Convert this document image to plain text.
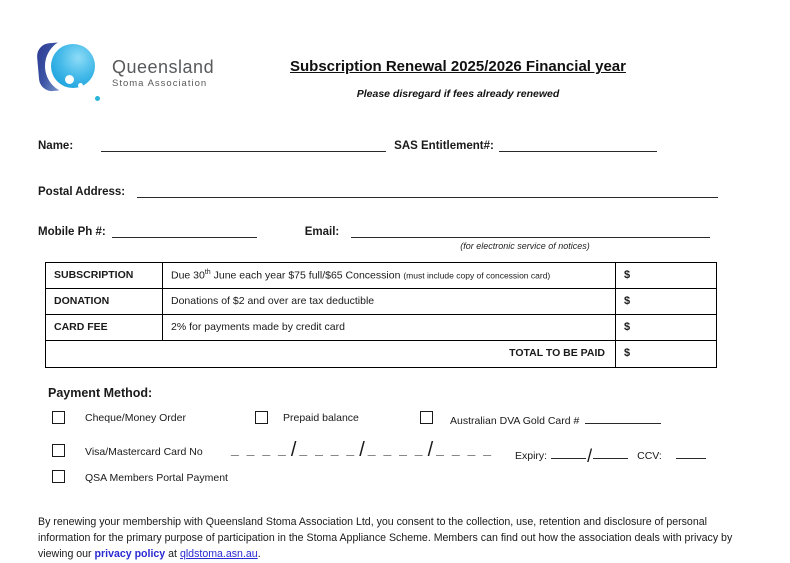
Queensland
Stoma Association
Subscription Renewal 2025/2026 Financial year
Please disregard if fees already renewed
Name:	SAS Entitlement#:
Postal Address:
Mobile Ph #:	Email:
(for electronic service of notices)
SUBSCRIPTION	Due 30th June each year $75 full/$65 Concession (must include copy of concession card)	$
DONATION	Donations of $2 and over are tax deductible	$
CARD FEE	2% for payments made by credit card	$
TOTAL TO BE PAID	$
Payment Method:
Cheque/Money Order	Prepaid balance	Australian DVA Gold Card #
Visa/Mastercard Card No _ _ _ _ / _ _ _ _ / _ _ _ _ / _ _ _ _ Expiry: /	CCV:
QSA Members Portal Payment
By renewing your membership with Queensland Stoma Association Ltd, you consent to the collection, use, retention and disclosure of personal information for the primary purpose of participation in the Stoma Appliance Scheme. Members can find out how the association deals with privacy by viewing our privacy policy at qldstoma.asn.au.
